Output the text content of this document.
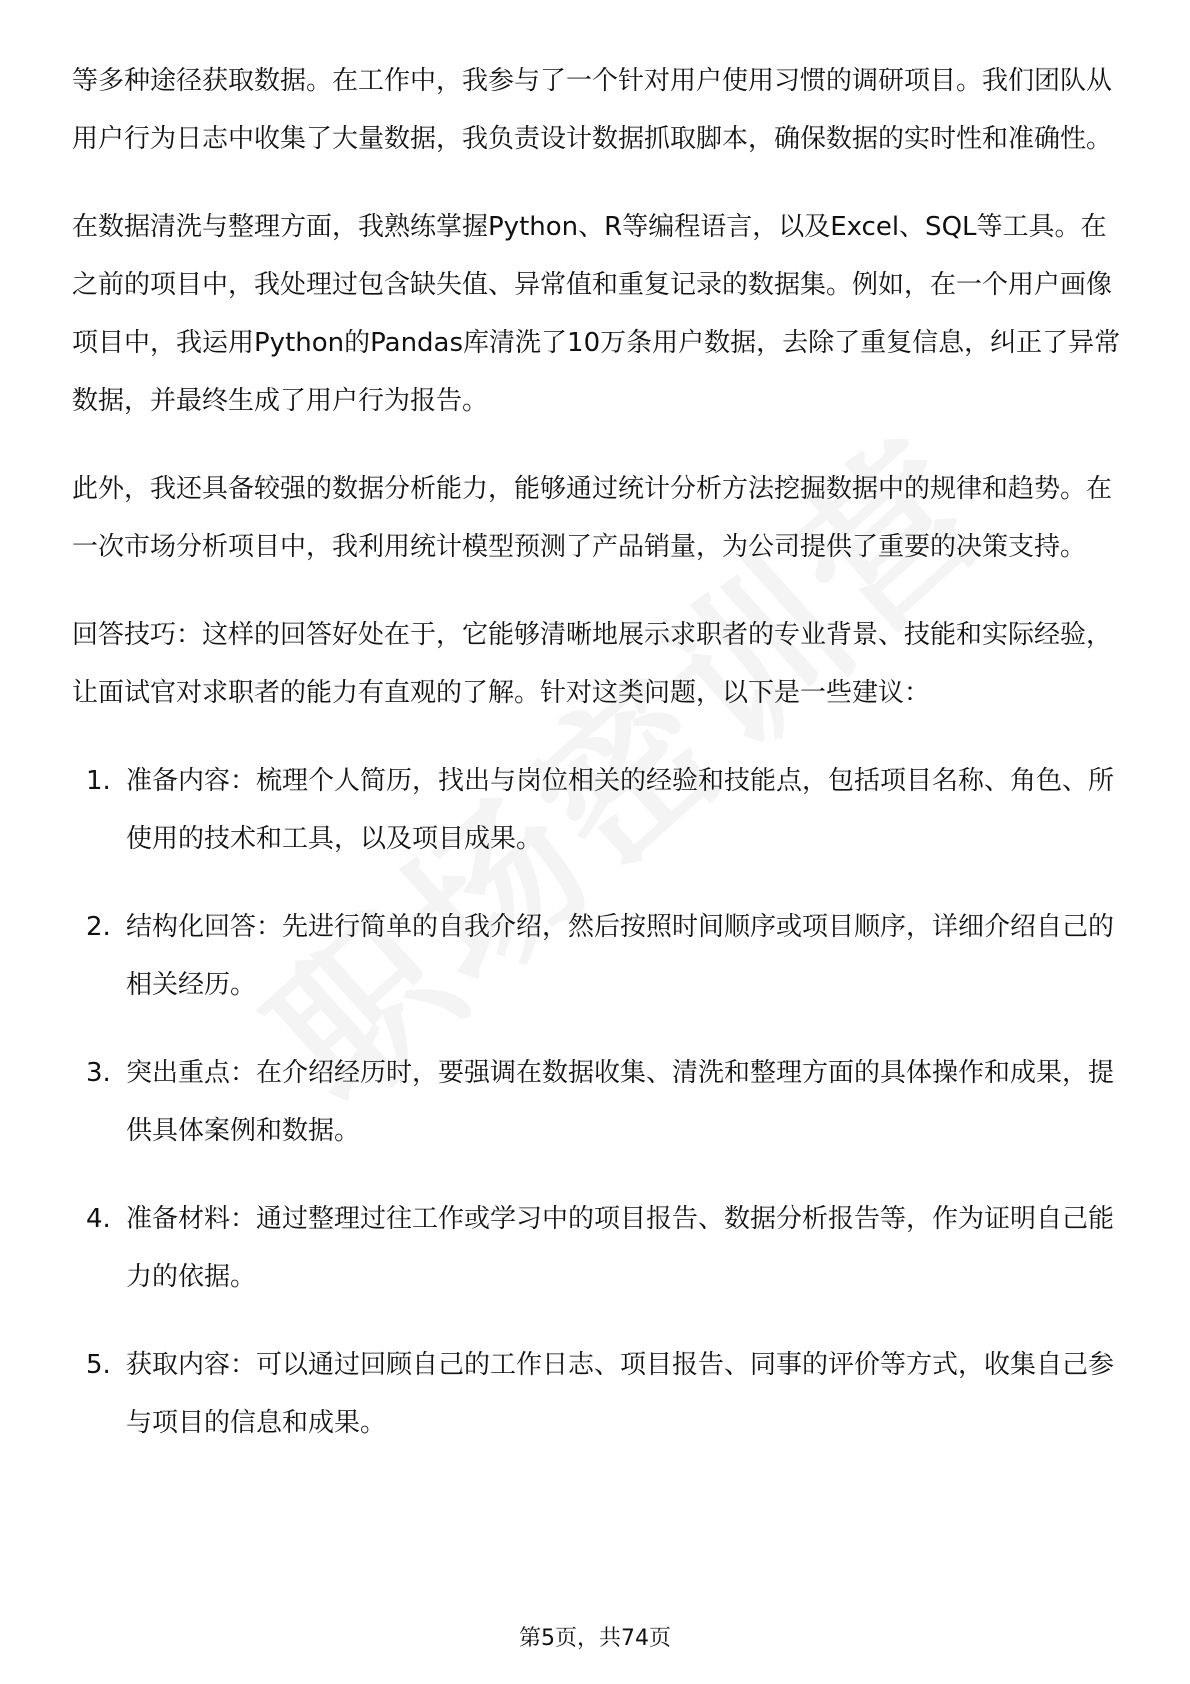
等多种途径获取数据。在工作中，我参与了一个针对用户使用习惯的调研项目。我们团队从用户行为日志中收集了大量数据，我负责设计数据抓取脚本，确保数据的实时性和准确性。

在数据清洗与整理方面，我熟练掌握Python、R等编程语言，以及Excel、SQL等工具。在之前的项目中，我处理过包含缺失值、异常值和重复记录的数据集。例如，在一个用户画像项目中，我运用Python的Pandas库清洗了10万条用户数据，去除了重复信息，纠正了异常数据，并最终生成了用户行为报告。

此外，我还具备较强的数据分析能力，能够通过统计分析方法挖掘数据中的规律和趋势。在一次市场分析项目中，我利用统计模型预测了产品销量，为公司提供了重要的决策支持。

回答技巧：这样的回答好处在于，它能够清晰地展示求职者的专业背景、技能和实际经验，让面试官对求职者的能力有直观的了解。针对这类问题，以下是一些建议：

1. 准备内容：梳理个人简历，找出与岗位相关的经验和技能点，包括项目名称、角色、所使用的技术和工具，以及项目成果。
2. 结构化回答：先进行简单的自我介绍，然后按照时间顺序或项目顺序，详细介绍自己的相关经历。
3. 突出重点：在介绍经历时，要强调在数据收集、清洗和整理方面的具体操作和成果，提供具体案例和数据。
4. 准备材料：通过整理过往工作或学习中的项目报告、数据分析报告等，作为证明自己能力的依据。
5. 获取内容：可以通过回顾自己的工作日志、项目报告、同事的评价等方式，收集自己参与项目的信息和成果。
第5页，共74页
